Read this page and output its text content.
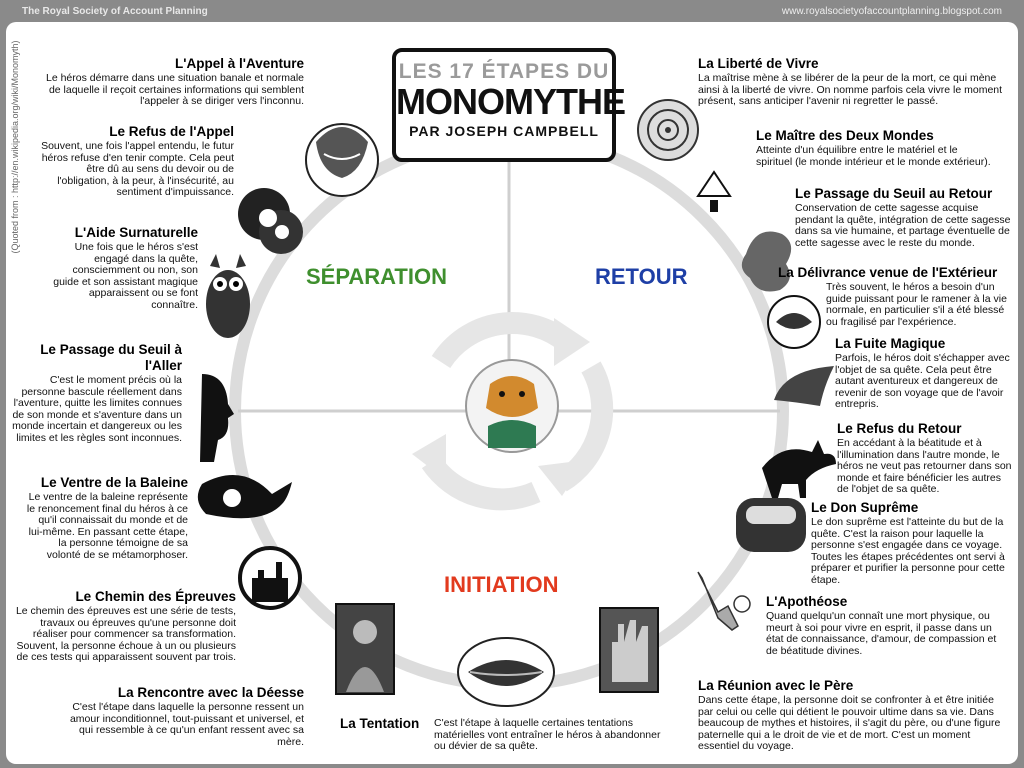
The Royal Society of Account Planning	www.royalsocietyofaccountplanning.blogspot.com
(Quoted from : http://en.wikipedia.org/wiki/Monomyth)	LES 17 ÉTAPES DU
MONOMYTHE
PAR JOSEPH CAMPBELL
SÉPARATION	RETOUR
INITIATION
L'Appel à l'Aventure
Le héros démarre dans une situation banale et normale de laquelle il reçoit certaines informations qui semblent l'appeler à se diriger vers l'inconnu.
Le Refus de l'Appel
Souvent, une fois l'appel entendu, le futur héros refuse d'en tenir compte. Cela peut être dû au sens du devoir ou de l'obligation, à la peur, à l'insécurité, au sentiment d'impuissance.
L'Aide Surnaturelle
Une fois que le héros s'est engagé dans la quête, consciemment ou non, son guide et son assistant magique apparaissent ou se font connaître.
Le Passage du Seuil à l'Aller
C'est le moment précis où la personne bascule réellement dans l'aventure, quitte les limites connues de son monde et s'aventure dans un monde incertain et dangereux ou les limites et les règles sont inconnues.
Le Ventre de la Baleine
Le ventre de la baleine représente le renoncement final du héros à ce qu'il connaissait du monde et de lui-même. En passant cette étape, la personne témoigne de sa volonté de se métamorphoser.
Le Chemin des Épreuves
Le chemin des épreuves est une série de tests, travaux ou épreuves qu'une personne doit réaliser pour commencer sa transformation. Souvent, la personne échoue à un ou plusieurs de ces tests qui apparaissent souvent par trois.
La Rencontre avec la Déesse
C'est l'étape dans laquelle la personne ressent un amour inconditionnel, tout-puissant et universel, et qui ressemble à ce qu'un enfant ressent avec sa mère.
La Tentation	C'est l'étape à laquelle certaines tentations matérielles vont entraîner le héros à abandonner ou dévier de sa quête.
La Réunion avec le Père
Dans cette étape, la personne doit se confronter à et être initiée par celui ou celle qui détient le pouvoir ultime dans sa vie. Dans beaucoup de mythes et histoires, il s'agit du père, ou d'une figure paternelle qui a le droit de vie et de mort. C'est un moment essentiel du voyage.
L'Apothéose
Quand quelqu'un connaît une mort physique, ou meurt à soi pour vivre en esprit, il passe dans un état de connaissance, d'amour, de compassion et de béatitude divines.
Le Don Suprême
Le don suprême est l'atteinte du but de la quête. C'est la raison pour laquelle la personne s'est engagée dans ce voyage. Toutes les étapes précédentes ont servi à préparer et purifier la personne pour cette étape.
Le Refus du Retour
En accédant à la béatitude et à l'illumination dans l'autre monde, le héros ne veut pas retourner dans son monde et faire bénéficier les autres de l'objet de sa quête.
La Fuite Magique
Parfois, le héros doit s'échapper avec l'objet de sa quête. Cela peut être autant aventureux et dangereux de revenir de son voyage que de l'avoir entrepris.
La Délivrance venue de l'Extérieur
Très souvent, le héros a besoin d'un guide puissant pour le ramener à la vie normale, en particulier s'il a été blessé ou fragilisé par l'expérience.
Le Passage du Seuil au Retour
Conservation de cette sagesse acquise pendant la quête, intégration de cette sagesse dans sa vie humaine, et partage éventuelle de cette sagesse avec le reste du monde.
Le Maître des Deux Mondes
Atteinte d'un équilibre entre le matériel et le spirituel (le monde intérieur et le monde extérieur).
La Liberté de Vivre
La maîtrise mène à se libérer de la peur de la mort, ce qui mène ainsi à la liberté de vivre. On nomme parfois cela vivre le moment présent, sans anticiper l'avenir ni regretter le passé.
